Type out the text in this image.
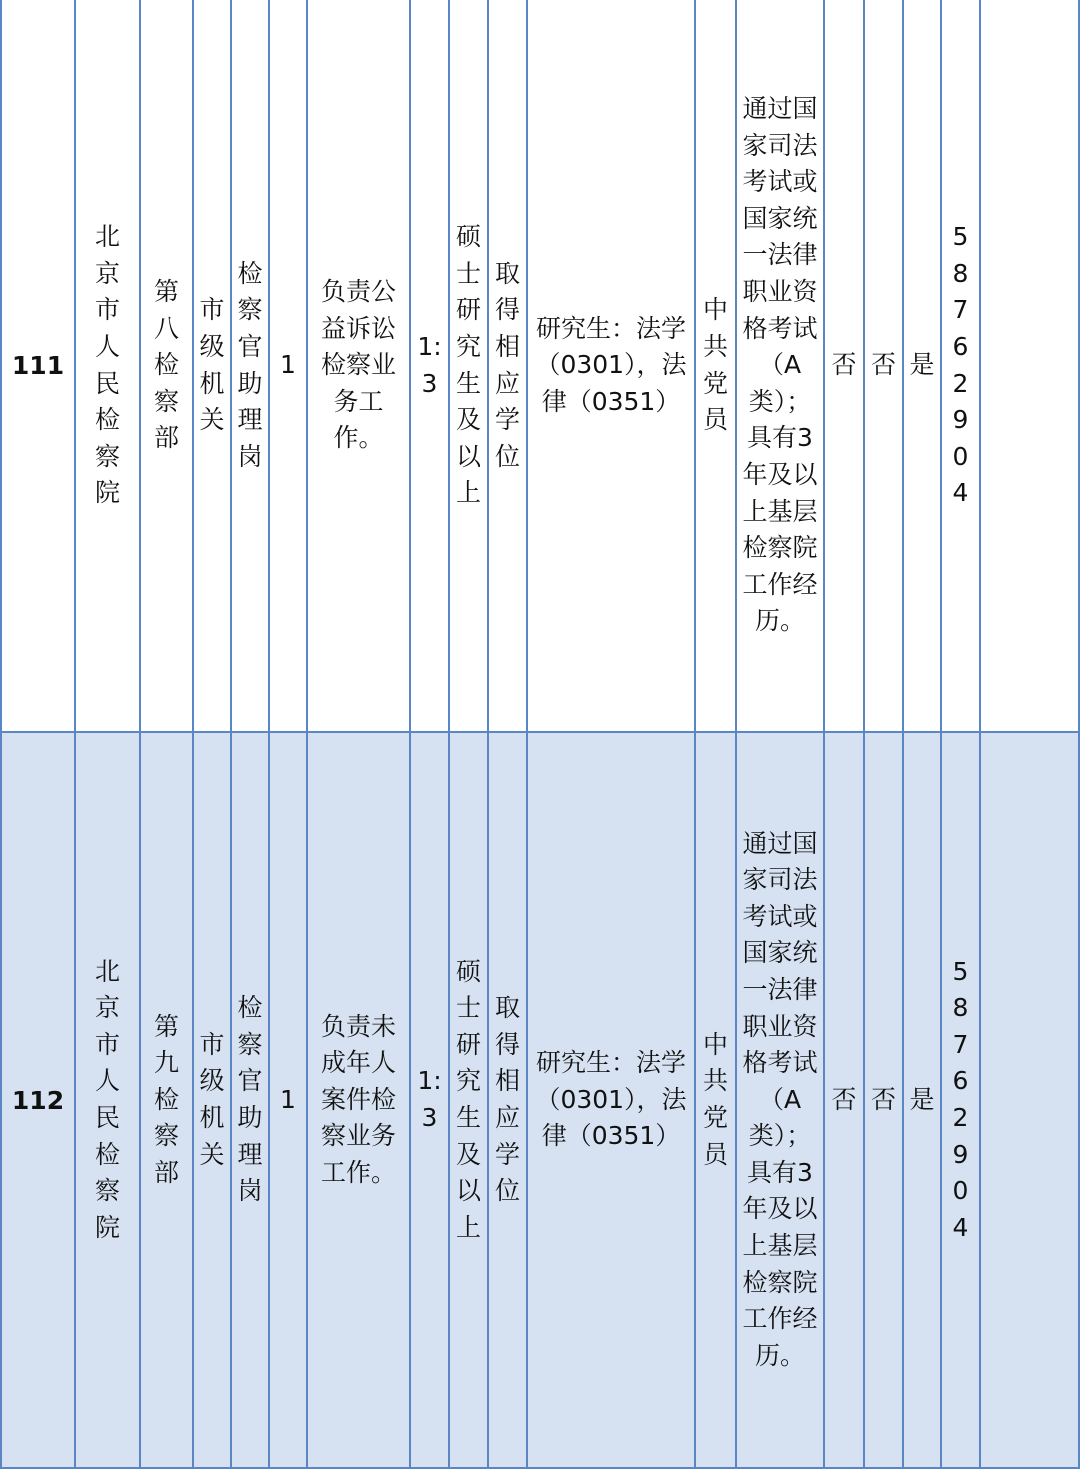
111
北京市人民检察院
第八检察部
市级机关
检察官助理岗
1
负责公益诉讼检察业务工作。
1:3
硕士研究生及以上
取得相应学位
研究生：法学（0301），法律（0351）
中共党员
通过国家司法考试或国家统一法律职业资格考试（A类）；具有3年及以上基层检察院工作经历。
否 否 是
58762904
112
北京市人民检察院
第九检察部
市级机关
检察官助理岗
1
负责未成年人案件检察业务工作。
1:3
硕士研究生及以上
取得相应学位
研究生：法学（0301），法律（0351）
中共党员
通过国家司法考试或国家统一法律职业资格考试（A类）；具有3年及以上基层检察院工作经历。
否 否 是
58762904
